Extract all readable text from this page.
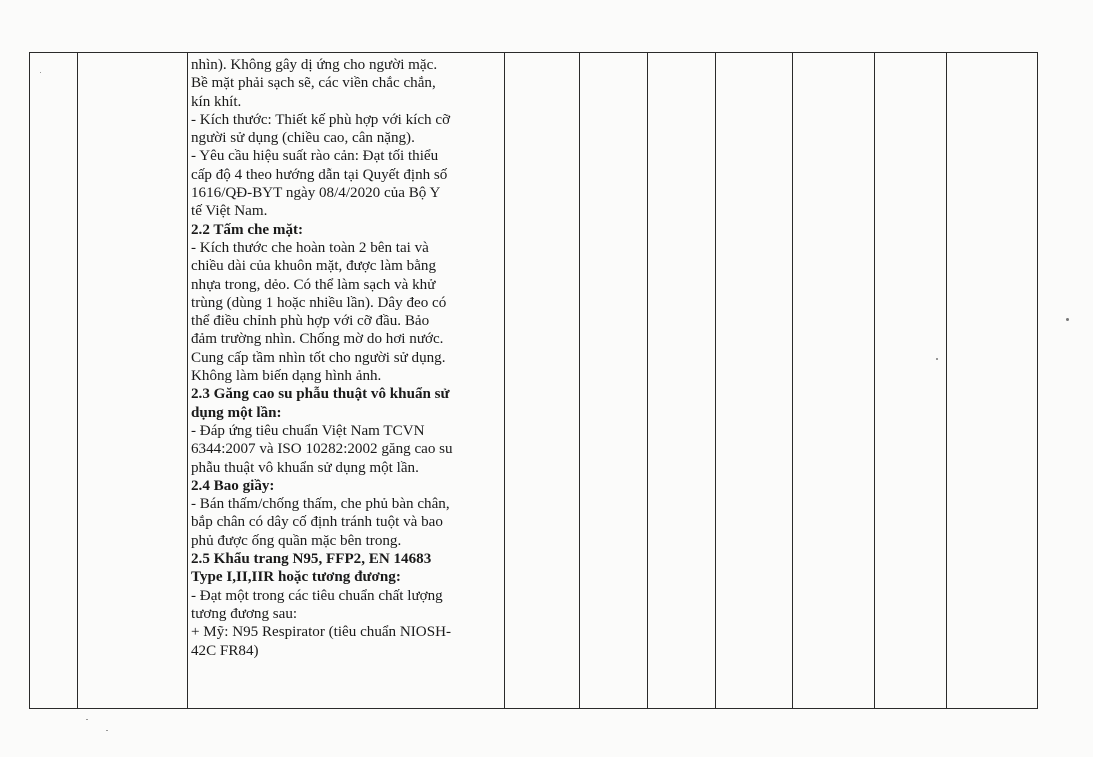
nhìn). Không gây dị ứng cho người mặc.

Bề mặt phải sạch sẽ, các viền chắc chắn,

kín khít.

- Kích thước: Thiết kế phù hợp với kích cỡ

người sử dụng (chiều cao, cân nặng).

- Yêu cầu hiệu suất rào cản: Đạt tối thiểu

cấp độ 4 theo hướng dẫn tại Quyết định số

1616/QĐ-BYT ngày 08/4/2020 của Bộ Y

tế Việt Nam.

2.2 Tấm che mặt:

- Kích thước che hoàn toàn 2 bên tai và

chiều dài của khuôn mặt, được làm bằng

nhựa trong, dẻo. Có thể làm sạch và khử

trùng (dùng 1 hoặc nhiều lần). Dây đeo có

thể điều chỉnh phù hợp với cỡ đầu. Bảo

đảm trường nhìn. Chống mờ do hơi nước.

Cung cấp tầm nhìn tốt cho người sử dụng.

Không làm biến dạng hình ảnh.

2.3 Găng cao su phẫu thuật vô khuẩn sử

dụng một lần:

- Đáp ứng tiêu chuẩn Việt Nam TCVN

6344:2007 và ISO 10282:2002 găng cao su

phẫu thuật vô khuẩn sử dụng một lần.

2.4 Bao giầy:

- Bán thấm/chống thấm, che phủ bàn chân,

bắp chân có dây cố định tránh tuột và bao

phủ được ống quần mặc bên trong.

2.5 Khẩu trang N95, FFP2, EN 14683

Type I,II,IIR hoặc tương đương:

- Đạt một trong các tiêu chuẩn chất lượng

tương đương sau:

+ Mỹ: N95 Respirator (tiêu chuẩn NIOSH-

42C FR84)
